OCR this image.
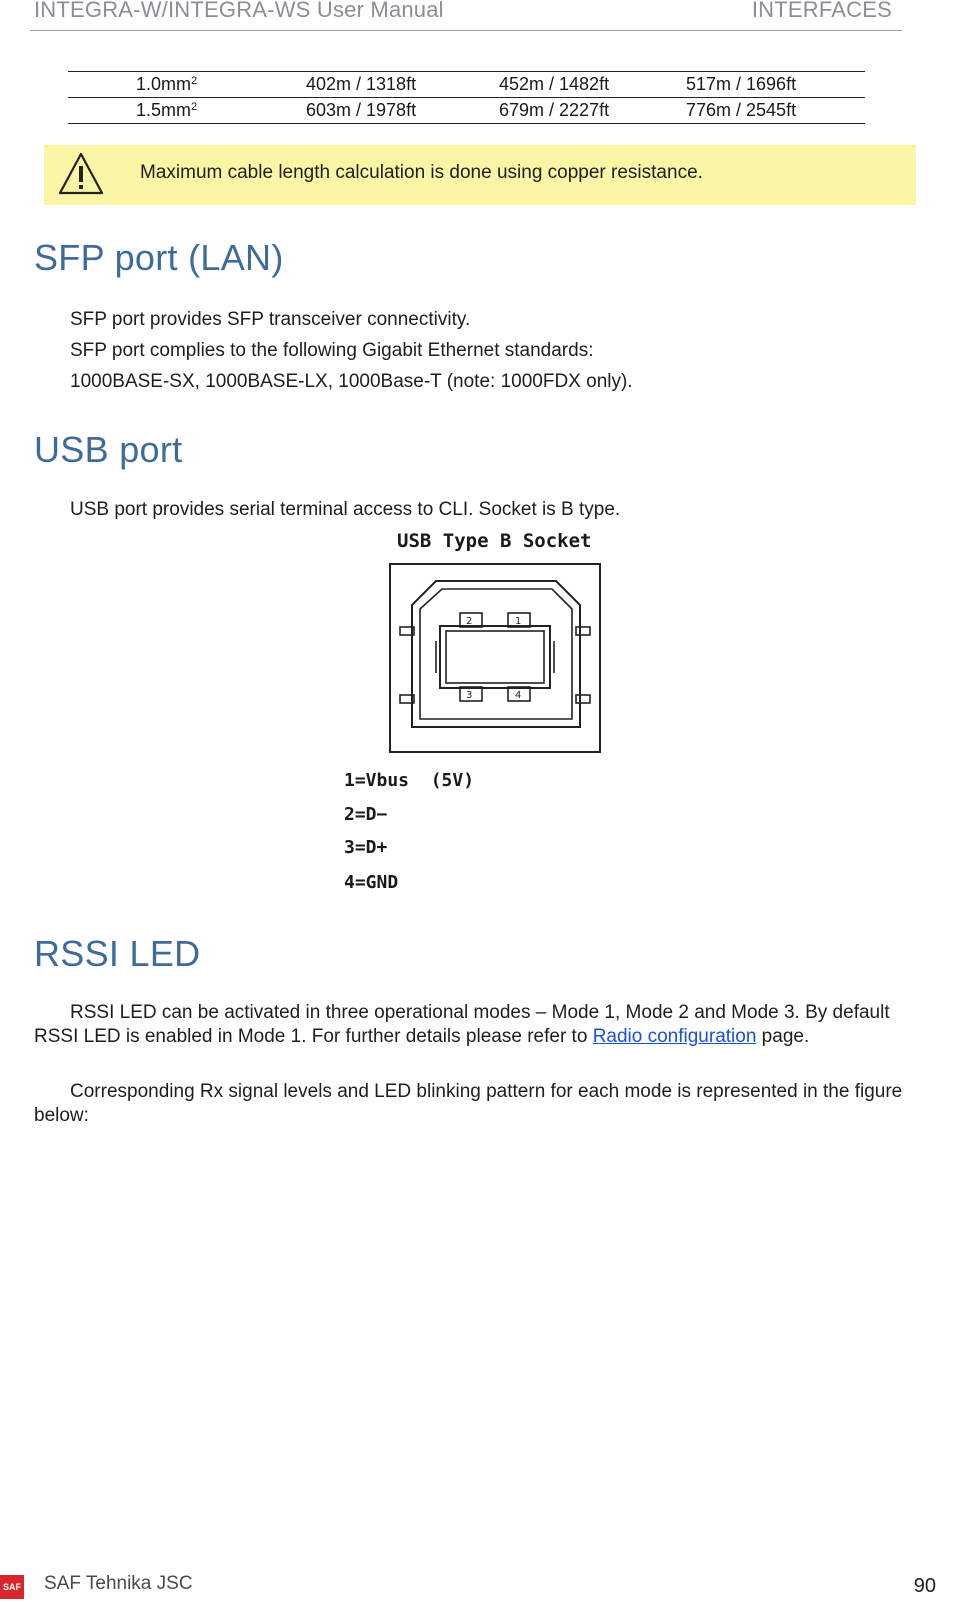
INTEGRA-W/INTEGRA-WS User Manual	INTERFACES
$1.0mm^2$	402m / 1318ft	452m / 1482ft	517m / 1696ft
$1.5mm^2$	603m / 1978ft	679m / 2227ft	776m / 2545ft
Maximum cable length calculation is done using copper resistance.
SFP port (LAN)
SFP port provides SFP transceiver connectivity.
SFP port complies to the following Gigabit Ethernet standards:
1000BASE-SX, 1000BASE-LX, 1000Base-T (note: 1000FDX only).
USB port
USB port provides serial terminal access to CLI. Socket is B type.
USB Type B Socket
2	1
3	4
1=Vbus  (5V)
2=D−
3=D+
4=GND
RSSI LED
RSSI LED can be activated in three operational modes – Mode 1, Mode 2 and Mode 3. By default RSSI LED is enabled in Mode 1. For further details please refer to Radio configuration page.
Corresponding Rx signal levels and LED blinking pattern for each mode is represented in the figure below:
SAF SAF Tehnika JSC	90
